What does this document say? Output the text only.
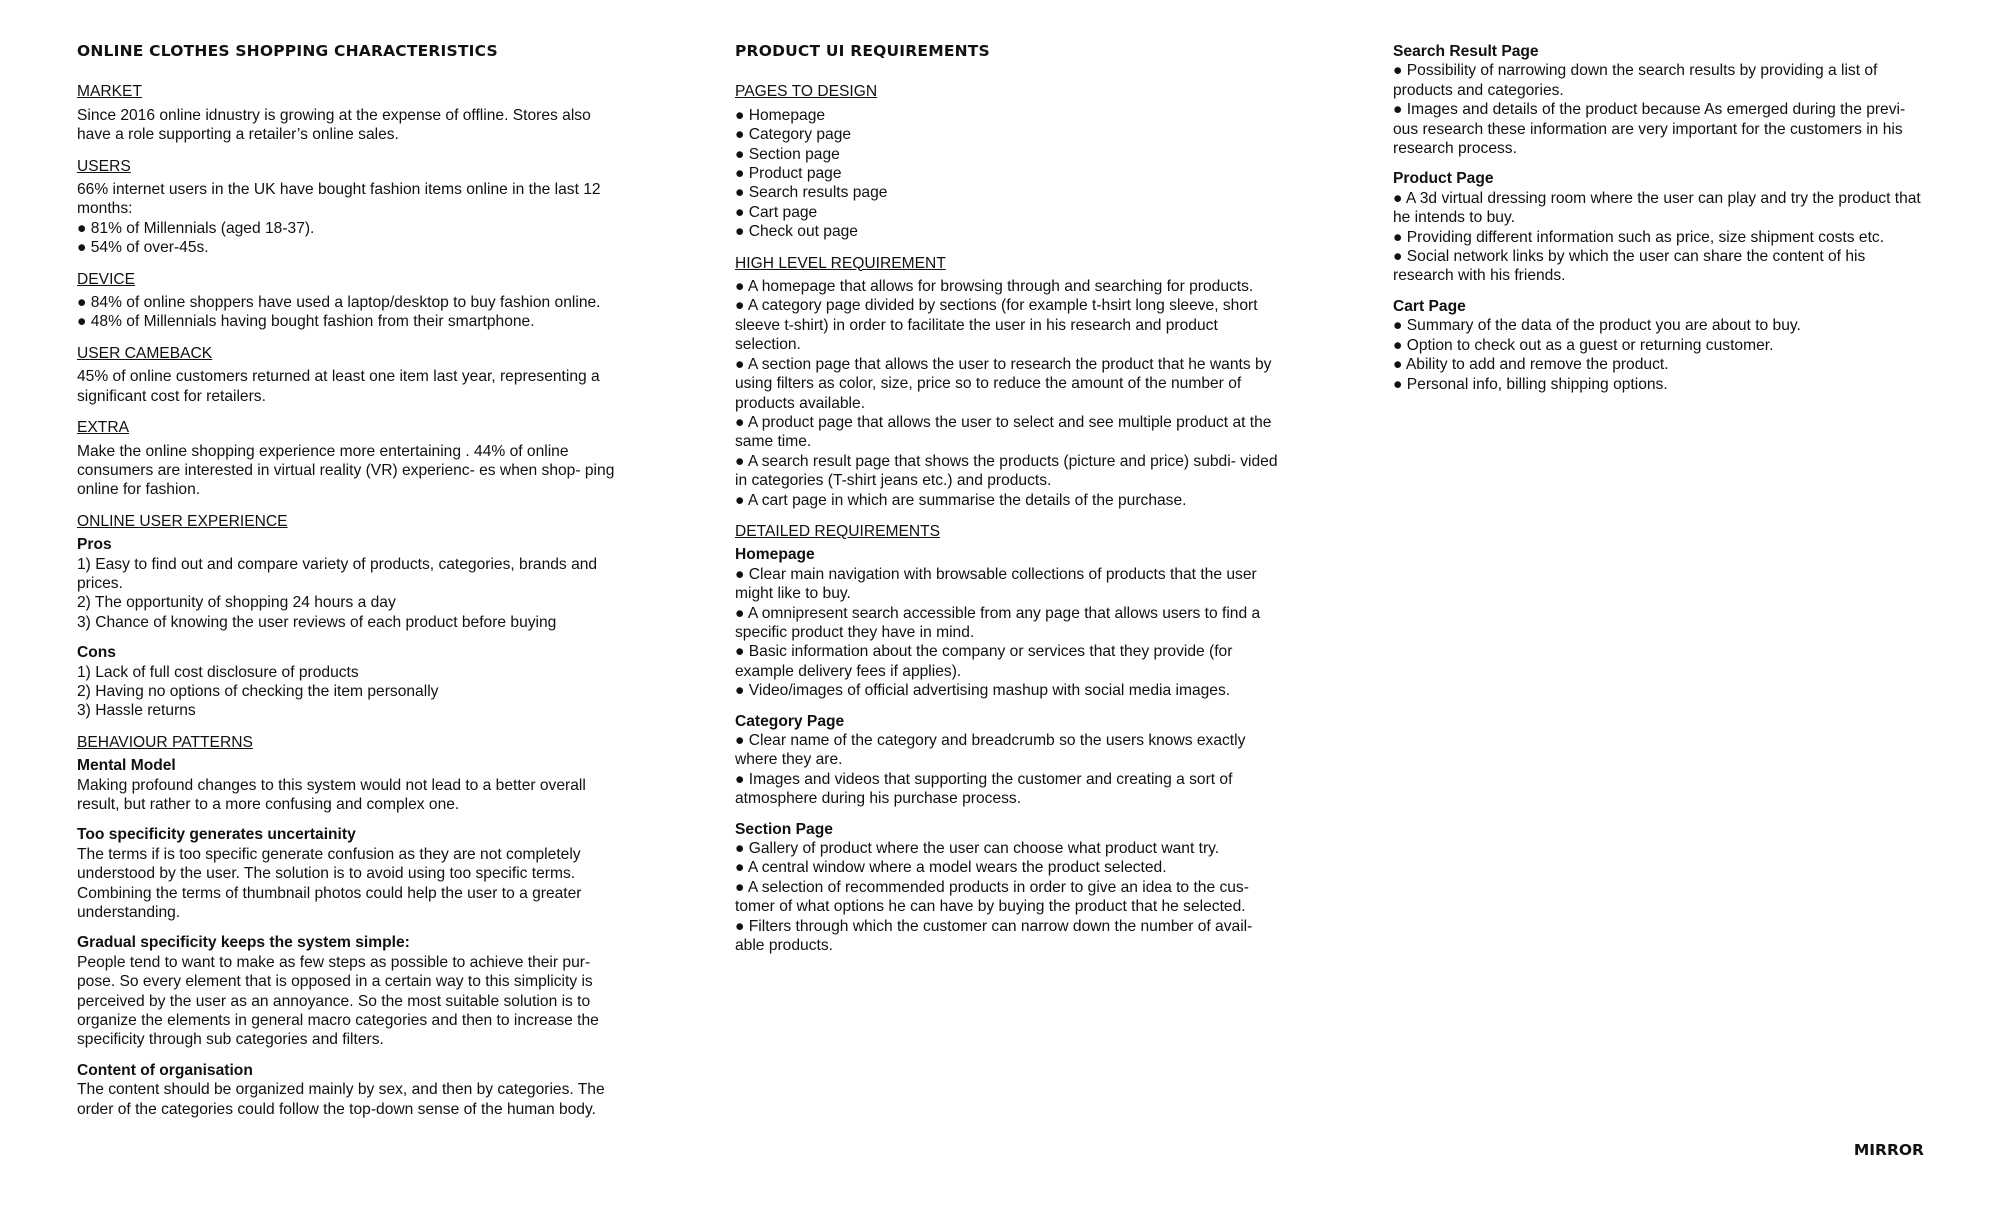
ONLINE CLOTHES SHOPPING CHARACTERISTICS
MARKET
Since 2016 online idnustry is growing at the expense of offline. Stores also have a role supporting a retailer’s online sales.
USERS
66% internet users in the UK have bought fashion items online in the last 12 months:
● 81% of Millennials (aged 18-37).
● 54% of over-45s.
DEVICE
● 84% of online shoppers have used a laptop/desktop to buy fashion online.
● 48% of Millennials having bought fashion from their smartphone.
USER CAMEBACK
45% of online customers returned at least one item last year, representing a significant cost for retailers.
EXTRA
Make the online shopping experience more entertaining . 44% of online consumers are interested in virtual reality (VR) experienc- es when shop- ping online for fashion.
ONLINE USER EXPERIENCE
Pros
1) Easy to find out and compare variety of products, categories, brands and prices.
2) The opportunity of shopping 24 hours a day
3) Chance of knowing the user reviews of each product before buying
Cons
1) Lack of full cost disclosure of products
2) Having no options of checking the item personally
3) Hassle returns
BEHAVIOUR PATTERNS
Mental Model
Making profound changes to this system would not lead to a better overall result, but rather to a more confusing and complex one.
Too specificity generates uncertainity
The terms if is too specific generate confusion as they are not completely understood by the user. The solution is to avoid using too specific terms. Combining the terms of thumbnail photos could help the user to a greater understanding.
Gradual specificity keeps the system simple:
People tend to want to make as few steps as possible to achieve their pur- pose. So every element that is opposed in a certain way to this simplicity is perceived by the user as an annoyance. So the most suitable solution is to organize the elements in general macro categories and then to increase the specificity through sub categories and filters.
Content of organisation
The content should be organized mainly by sex, and then by categories. The order of the categories could follow the top-down sense of the human body.
PRODUCT UI REQUIREMENTS
PAGES TO DESIGN
● Homepage
● Category page
● Section page
● Product page
● Search results page
● Cart page
● Check out page
HIGH LEVEL REQUIREMENT
● A homepage that allows for browsing through and searching for products.
● A category page divided by sections (for example t-hsirt long sleeve, short sleeve t-shirt) in order to facilitate the user in his research and product selection.
● A section page that allows the user to research the product that he wants by using filters as color, size, price so to reduce the amount of the number of products available.
● A product page that allows the user to select and see multiple product at the same time.
● A search result page that shows the products (picture and price) subdi- vided in categories (T-shirt jeans etc.) and products.
● A cart page in which are summarise the details of the purchase.
DETAILED REQUIREMENTS
Homepage
● Clear main navigation with browsable collections of products that the user might like to buy.
● A omnipresent search accessible from any page that allows users to find a specific product they have in mind.
● Basic information about the company or services that they provide (for example delivery fees if applies).
● Video/images of official advertising mashup with social media images.
Category Page
● Clear name of the category and breadcrumb so the users knows exactly where they are.
● Images and videos that supporting the customer and creating a sort of atmosphere during his purchase process.
Section Page
● Gallery of product where the user can choose what product want try.
● A central window where a model wears the product selected.
● A selection of recommended products in order to give an idea to the cus- tomer of what options he can have by buying the product that he selected.
● Filters through which the customer can narrow down the number of avail- able products.
Search Result Page
● Possibility of narrowing down the search results by providing a list of products and categories.
● Images and details of the product because As emerged during the previ- ous research these information are very important for the customers in his research process.
Product Page
● A 3d virtual dressing room where the user can play and try the product that he intends to buy.
● Providing different information such as price, size shipment costs etc.
● Social network links by which the user can share the content of his research with his friends.
Cart Page
● Summary of the data of the product you are about to buy.
● Option to check out as a guest or returning customer.
● Ability to add and remove the product.
● Personal info, billing shipping options.
MIRROR
